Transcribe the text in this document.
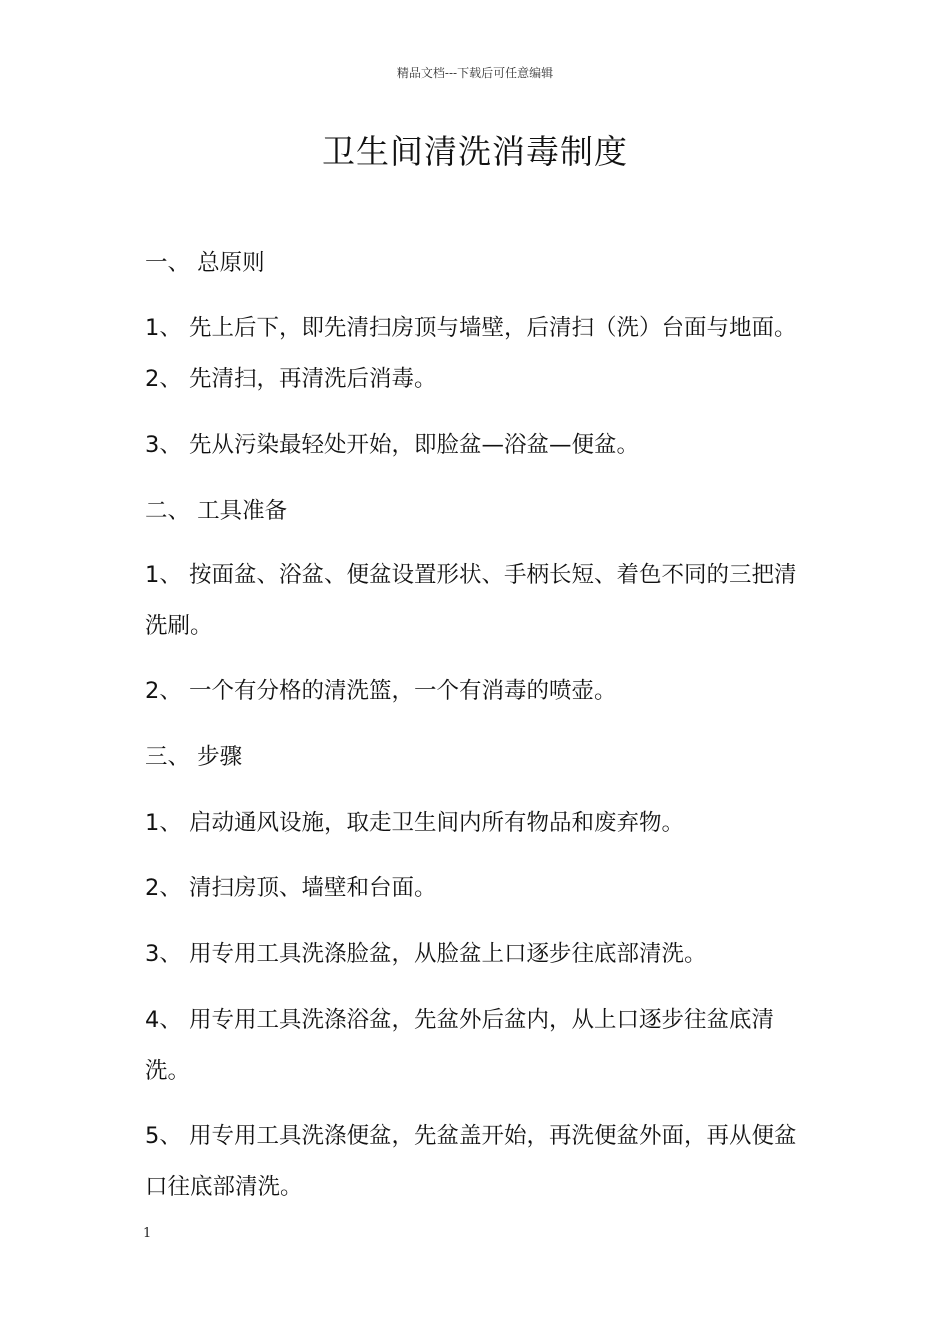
精品文档---下载后可任意编辑
卫生间清洗消毒制度
一、 总原则
1、 先上后下，即先清扫房顶与墙壁，后清扫（洗）台面与地面。 2、 先清扫，再清洗后消毒。
3、 先从污染最轻处开始，即脸盆—浴盆—便盆。
二、 工具准备
1、 按面盆、浴盆、便盆设置形状、手柄长短、着色不同的三把清洗刷。
2、 一个有分格的清洗篮，一个有消毒的喷壶。
三、 步骤
1、 启动通风设施，取走卫生间内所有物品和废弃物。
2、 清扫房顶、墙壁和台面。
3、 用专用工具洗涤脸盆，从脸盆上口逐步往底部清洗。
4、 用专用工具洗涤浴盆，先盆外后盆内，从上口逐步往盆底清洗。
5、 用专用工具洗涤便盆，先盆盖开始，再洗便盆外面，再从便盆口往底部清洗。
1
